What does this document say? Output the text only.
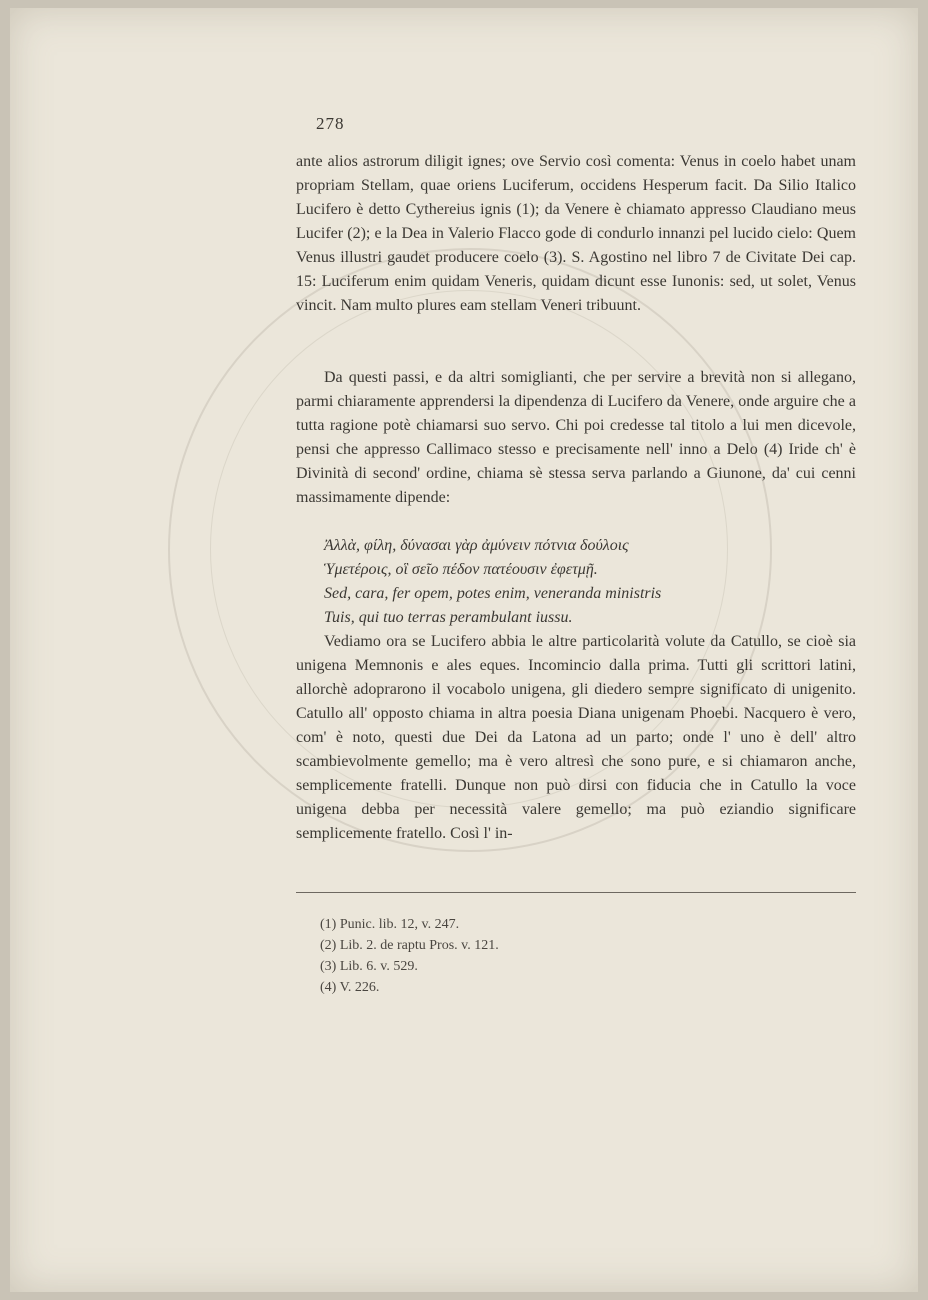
278

ante alios astrorum diligit ignes; ove Servio così comenta: Venus in coelo habet unam propriam Stellam, quae oriens Luciferum, occidens Hesperum facit. Da Silio Italico Lucifero è detto Cythereius ignis (1); da Venere è chiamato appresso Claudiano meus Lucifer (2); e la Dea in Valerio Flacco gode di condurlo innanzi pel lucido cielo: Quem Venus illustri gaudet producere coelo (3). S. Agostino nel libro 7 de Civitate Dei cap. 15: Luciferum enim quidam Veneris, quidam dicunt esse Iunonis: sed, ut solet, Venus vincit. Nam multo plures eam stellam Veneri tribuunt.

Da questi passi, e da altri somiglianti, che per servire a brevità non si allegano, parmi chiaramente apprendersi la dipendenza di Lucifero da Venere, onde arguire che a tutta ragione potè chiamarsi suo servo. Chi poi credesse tal titolo a lui men dicevole, pensi che appresso Callimaco stesso e precisamente nell' inno a Delo (4) Iride ch' è Divinità di second' ordine, chiama sè stessa serva parlando a Giunone, da' cui cenni massimamente dipende:

Ἀλλὰ, φίλη, δύνασαι γὰρ ἀμύνειν πότνια δούλοις
Ὑμετέροις, οἳ σεῖο πέδον πατέουσιν ἐφετμῇ.
Sed, cara, fer opem, potes enim, veneranda ministris
Tuis, qui tuo terras perambulant iussu.

Vediamo ora se Lucifero abbia le altre particolarità volute da Catullo, se cioè sia unigena Memnonis e ales eques. Incomincio dalla prima. Tutti gli scrittori latini, allorchè adoprarono il vocabolo unigena, gli diedero sempre significato di unigenito. Catullo all' opposto chiama in altra poesia Diana unigenam Phoebi. Nacquero è vero, com' è noto, questi due Dei da Latona ad un parto; onde l' uno è dell' altro scambievolmente gemello; ma è vero altresì che sono pure, e si chiamaron anche, semplicemente fratelli. Dunque non può dirsi con fiducia che in Catullo la voce unigena debba per necessità valere gemello; ma può eziandio significare semplicemente fratello. Così l' in-

(1) Punic. lib. 12, v. 247.
(2) Lib. 2. de raptu Pros. v. 121.
(3) Lib. 6. v. 529.
(4) V. 226.
